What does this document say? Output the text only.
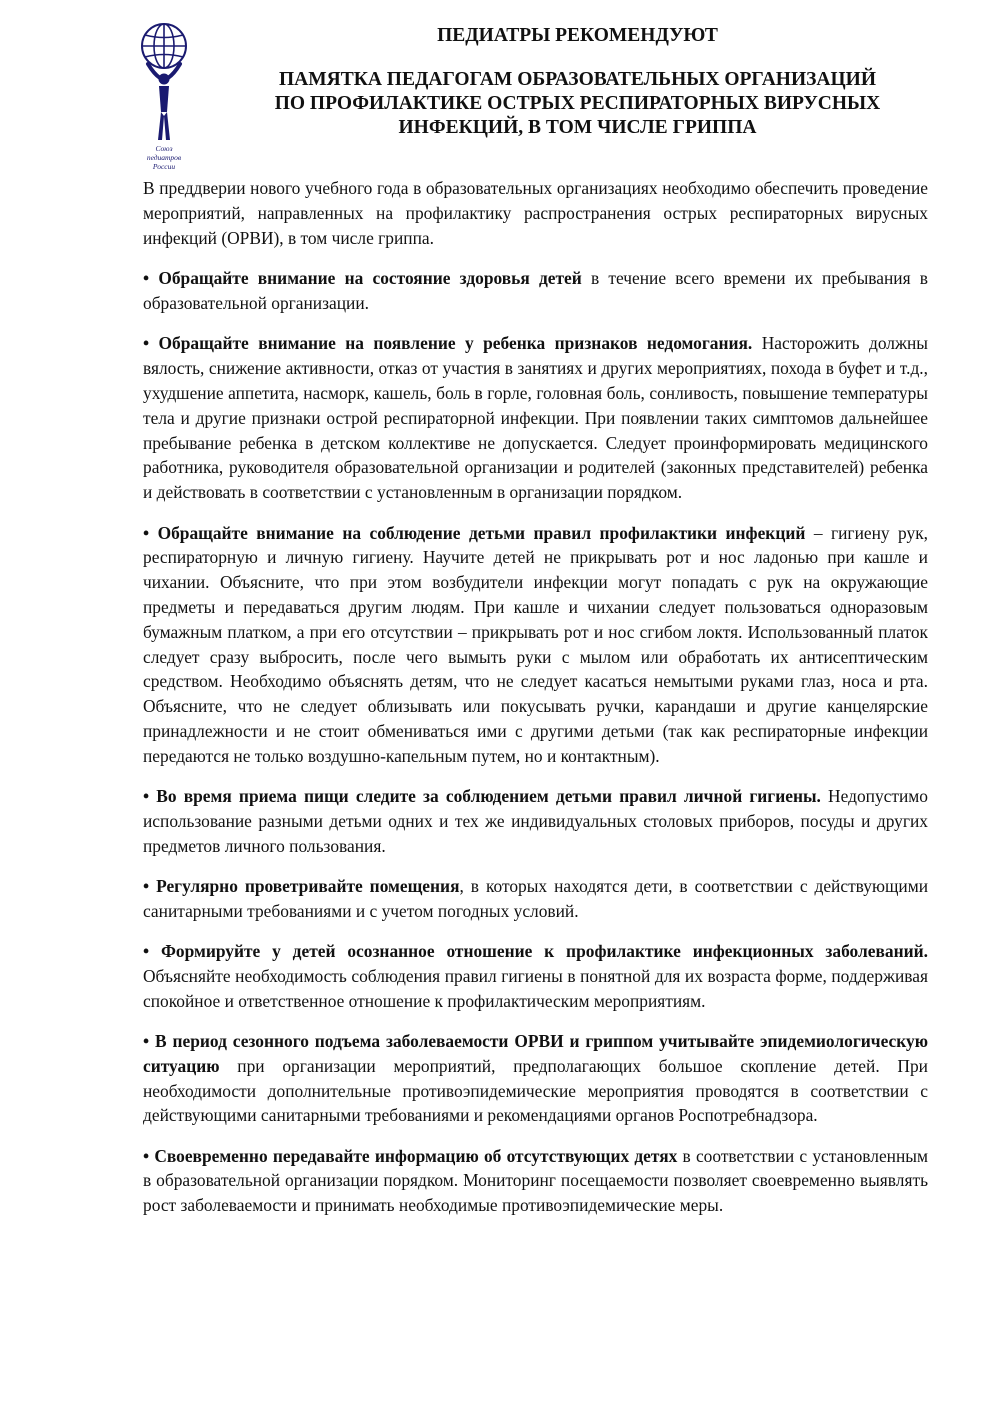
Союз
педиатров
России
ПЕДИАТРЫ РЕКОМЕНДУЮТ
ПАМЯТКА ПЕДАГОГАМ ОБРАЗОВАТЕЛЬНЫХ ОРГАНИЗАЦИЙ
ПО ПРОФИЛАКТИКЕ ОСТРЫХ РЕСПИРАТОРНЫХ ВИРУСНЫХ
ИНФЕКЦИЙ, В ТОМ ЧИСЛЕ ГРИППА

В преддверии нового учебного года в образовательных организациях необходимо обеспечить проведение мероприятий, направленных на профилактику распространения острых респираторных вирусных инфекций (ОРВИ), в том числе гриппа.

• Обращайте внимание на состояние здоровья детей в течение всего времени их пребывания в образовательной организации.

• Обращайте внимание на появление у ребенка признаков недомогания. Насторожить должны вялость, снижение активности, отказ от участия в занятиях и других мероприятиях, похода в буфет и т.д., ухудшение аппетита, насморк, кашель, боль в горле, головная боль, сонливость, повышение температуры тела и другие признаки острой респираторной инфекции. При появлении таких симптомов дальнейшее пребывание ребенка в детском коллективе не допускается. Следует проинформировать медицинского работника, руководителя образовательной организации и родителей (законных представителей) ребенка и действовать в соответствии с установленным в организации порядком.

• Обращайте внимание на соблюдение детьми правил профилактики инфекций – гигиену рук, респираторную и личную гигиену. Научите детей не прикрывать рот и нос ладонью при кашле и чихании. Объясните, что при этом возбудители инфекции могут попадать с рук на окружающие предметы и передаваться другим людям. При кашле и чихании следует пользоваться одноразовым бумажным платком, а при его отсутствии – прикрывать рот и нос сгибом локтя. Использованный платок следует сразу выбросить, после чего вымыть руки с мылом или обработать их антисептическим средством. Необходимо объяснять детям, что не следует касаться немытыми руками глаз, носа и рта. Объясните, что не следует облизывать или покусывать ручки, карандаши и другие канцелярские принадлежности и не стоит обмениваться ими с другими детьми (так как респираторные инфекции передаются не только воздушно-капельным путем, но и контактным).

• Во время приема пищи следите за соблюдением детьми правил личной гигиены. Недопустимо использование разными детьми одних и тех же индивидуальных столовых приборов, посуды и других предметов личного пользования.

• Регулярно проветривайте помещения, в которых находятся дети, в соответствии с действующими санитарными требованиями и с учетом погодных условий.

• Формируйте у детей осознанное отношение к профилактике инфекционных заболеваний. Объясняйте необходимость соблюдения правил гигиены в понятной для их возраста форме, поддерживая спокойное и ответственное отношение к профилактическим мероприятиям.

• В период сезонного подъема заболеваемости ОРВИ и гриппом учитывайте эпидемиологическую ситуацию при организации мероприятий, предполагающих большое скопление детей. При необходимости дополнительные противоэпидемические мероприятия проводятся в соответствии с действующими санитарными требованиями и рекомендациями органов Роспотребнадзора.

• Своевременно передавайте информацию об отсутствующих детях в соответствии с установленным в образовательной организации порядком. Мониторинг посещаемости позволяет своевременно выявлять рост заболеваемости и принимать необходимые противоэпидемические меры.
